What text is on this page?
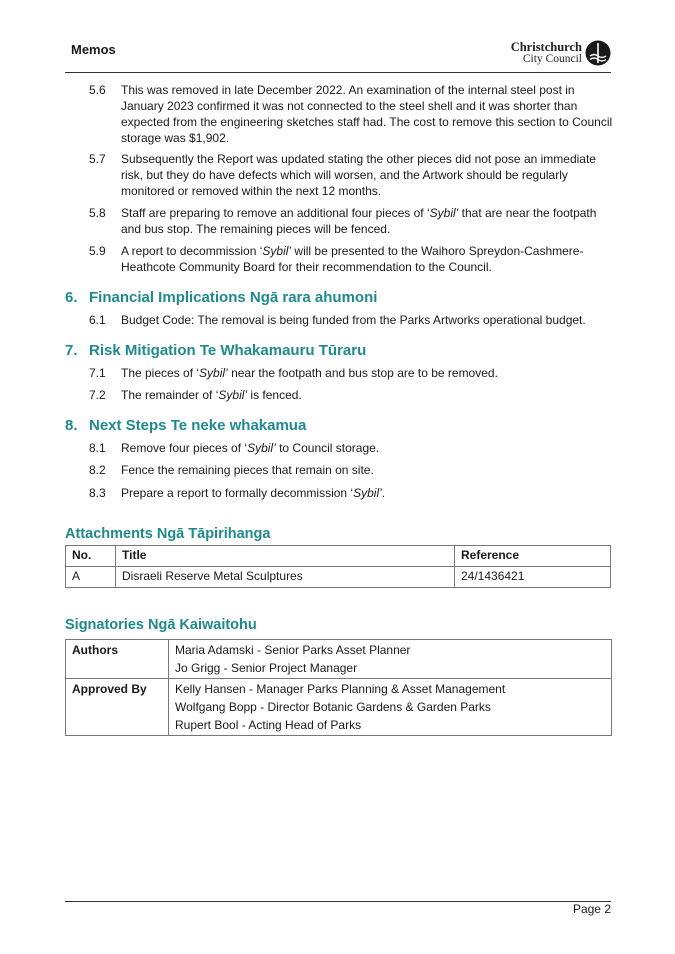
Memos	Christchurch
City Council
5.6	This was removed in late December 2022. An examination of the internal steel post in January 2023 confirmed it was not connected to the steel shell and it was shorter than expected from the engineering sketches staff had. The cost to remove this section to Council storage was $1,902.
5.7	Subsequently the Report was updated stating the other pieces did not pose an immediate risk, but they do have defects which will worsen, and the Artwork should be regularly monitored or removed within the next 12 months.
5.8	Staff are preparing to remove an additional four pieces of ‘Sybil’ that are near the footpath and bus stop. The remaining pieces will be fenced.
5.9	A report to decommission ‘Sybil’ will be presented to the Waihoro Spreydon-Cashmere-Heathcote Community Board for their recommendation to the Council.
6. Financial Implications Ngā rara ahumoni
6.1	Budget Code: The removal is being funded from the Parks Artworks operational budget.
7. Risk Mitigation Te Whakamauru Tūraru
7.1	The pieces of ‘Sybil’ near the footpath and bus stop are to be removed.
7.2	The remainder of ‘Sybil’ is fenced.
8. Next Steps Te neke whakamua
8.1	Remove four pieces of ‘Sybil’ to Council storage.
8.2	Fence the remaining pieces that remain on site.
8.3	Prepare a report to formally decommission ‘Sybil’.
Attachments Ngā Tāpirihanga
No.	Title	Reference
A	Disraeli Reserve Metal Sculptures	24/1436421
Signatories Ngā Kaiwaitohu
Authors	Maria Adamski - Senior Parks Asset Planner
Jo Grigg - Senior Project Manager

Approved By	Kelly Hansen - Manager Parks Planning & Asset Management
Wolfgang Bopp - Director Botanic Gardens & Garden Parks
Rupert Bool - Acting Head of Parks
Page 2
